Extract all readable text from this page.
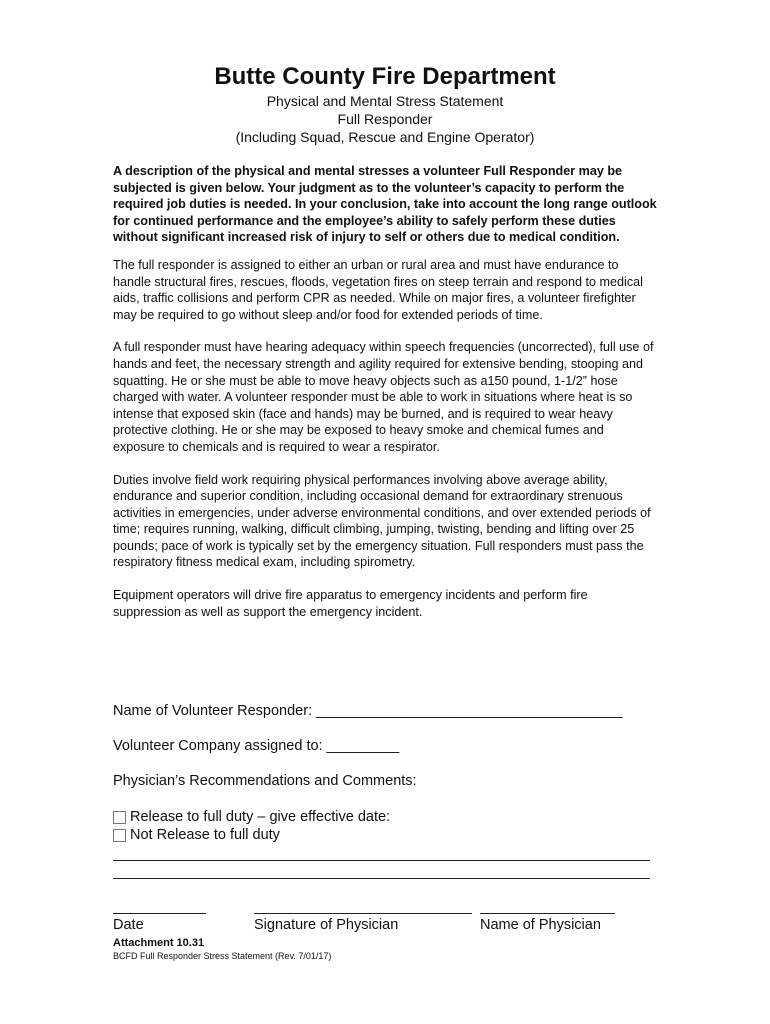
Butte County Fire Department

Physical and Mental Stress Statement

Full Responder

(Including Squad, Rescue and Engine Operator)

A description of the physical and mental stresses a volunteer Full Responder may be subjected is given below. Your judgment as to the volunteer’s capacity to perform the required job duties is needed. In your conclusion, take into account the long range outlook for continued performance and the employee’s ability to safely perform these duties without significant increased risk of injury to self or others due to medical condition.

The full responder is assigned to either an urban or rural area and must have endurance to handle structural fires, rescues, floods, vegetation fires on steep terrain and respond to medical aids, traffic collisions and perform CPR as needed. While on major fires, a volunteer firefighter may be required to go without sleep and/or food for extended periods of time.

A full responder must have hearing adequacy within speech frequencies (uncorrected), full use of hands and feet, the necessary strength and agility required for extensive bending, stooping and squatting. He or she must be able to move heavy objects such as a150 pound, 1-1/2” hose charged with water. A volunteer responder must be able to work in situations where heat is so intense that exposed skin (face and hands) may be burned, and is required to wear heavy protective clothing. He or she may be exposed to heavy smoke and chemical fumes and exposure to chemicals and is required to wear a respirator.

Duties involve field work requiring physical performances involving above average ability, endurance and superior condition, including occasional demand for extraordinary strenuous activities in emergencies, under adverse environmental conditions, and over extended periods of time; requires running, walking, difficult climbing, jumping, twisting, bending and lifting over 25 pounds; pace of work is typically set by the emergency situation. Full responders must pass the respiratory fitness medical exam, including spirometry.

Equipment operators will drive fire apparatus to emergency incidents and perform fire suppression as well as support the emergency incident.

Name of Volunteer Responder: ______________________________________
Volunteer Company assigned to: _________
Physician’s Recommendations and Comments:
Release to full duty – give effective date:
Not Release to full duty
Date	Signature of Physician	Name of Physician
Attachment 10.31
BCFD Full Responder Stress Statement (Rev. 7/01/17)
